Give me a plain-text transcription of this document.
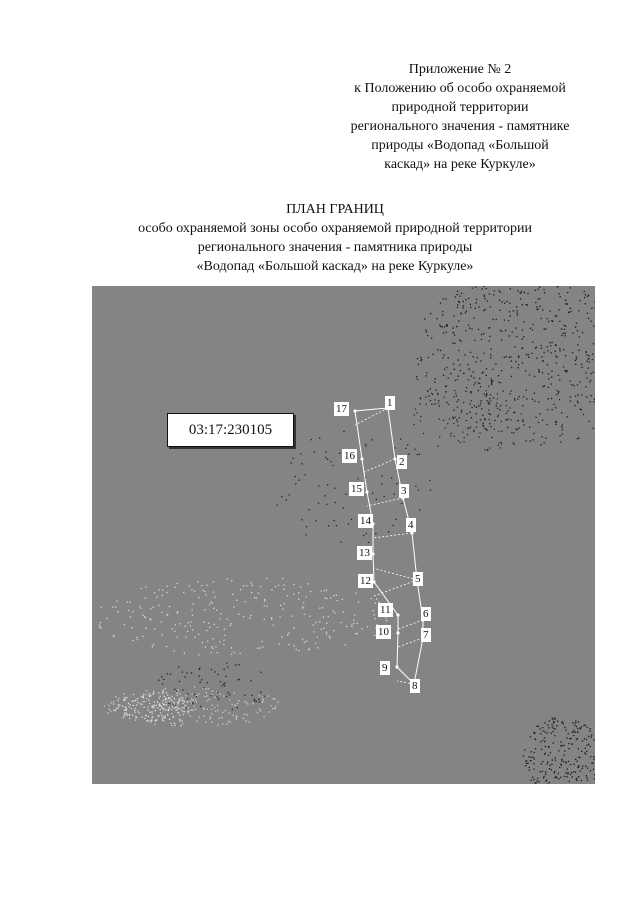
Приложение № 2
к Положению об особо охраняемой
природной территории
регионального значения - памятнике
природы «Водопад «Большой
каскад» на реке Куркуле»
ПЛАН ГРАНИЦ
особо охраняемой зоны особо охраняемой природной территории
регионального значения - памятника природы
«Водопад «Большой каскад» на реке Куркуле»
03:17:230105
1
2
3
4
5
6
7
8
9
10
11
12
13
14
15
16
17
